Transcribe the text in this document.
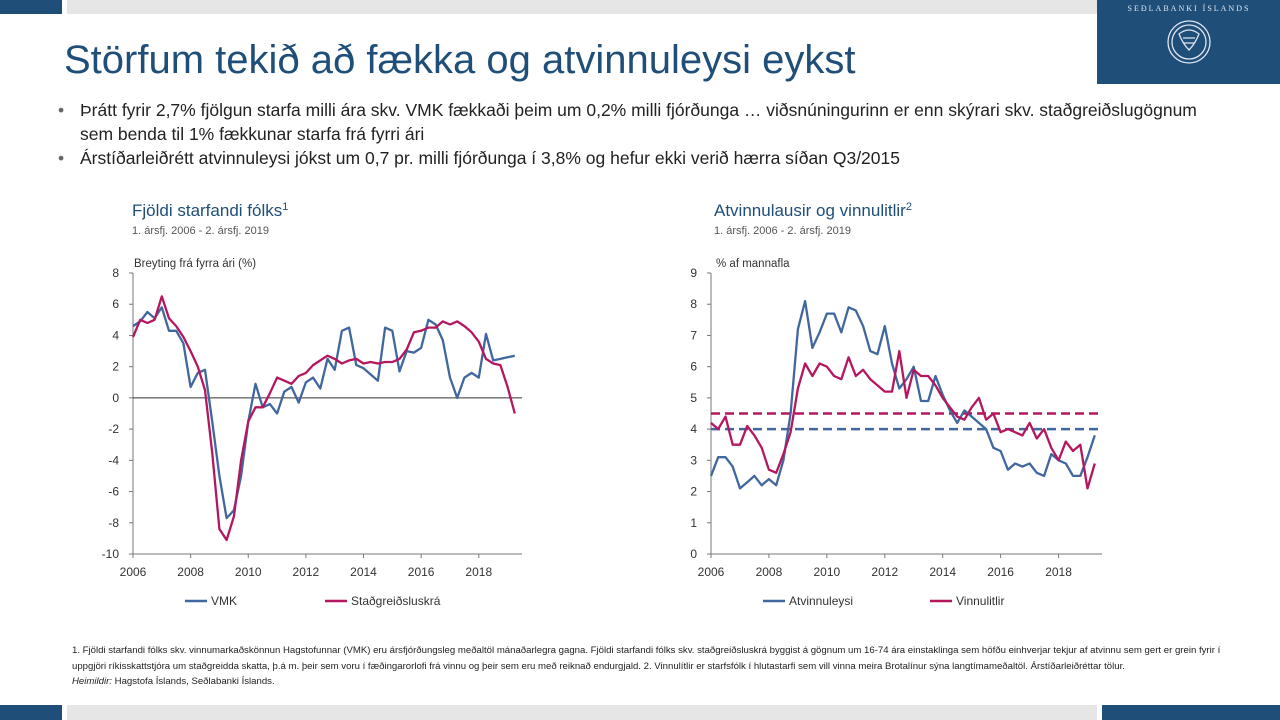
SEÐLABANKI ÍSLANDS
Störfum tekið að fækka og atvinnuleysi eykst
• Þrátt fyrir 2,7% fjölgun starfa milli ára skv. VMK fækkaði þeim um 0,2% milli fjórðunga … viðsnúningurinn er enn skýrari skv. staðgreiðslugögnum sem benda til 1% fækkunar starfa frá fyrri ári
• Árstíðarleiðrétt atvinnuleysi jókst um 0,7 pr. milli fjórðunga í 3,8% og hefur ekki verið hærra síðan Q3/2015
Fjöldi starfandi fólks$^1$
1. ársfj. 2006 - 2. ársfj. 2019
Breyting frá fyrra ári (%)
8
6
4
2
0
-2
-4
-6
-8
-10
2006	2008	2010	2012	2014	2016	2018
VMK	Staðgreiðsluskrá
Atvinnulausir og vinnulitlir$^2$
1. ársfj. 2006 - 2. ársfj. 2019
% af mannafla
9
8
7
6
5
4
3
2
1
0
2006	2008	2010	2012	2014	2016	2018
Atvinnuleysi	Vinnulitlir
1. Fjöldi starfandi fólks skv. vinnumarkaðskönnun Hagstofunnar (VMK) eru ársfjórðungsleg meðaltöl mánaðarlegra gagna. Fjöldi starfandi fólks skv. staðgreiðsluskrá byggist á gögnum um 16-74 ára einstaklinga sem höfðu einhverjar tekjur af atvinnu sem gert er grein fyrir í uppgjöri ríkisskattstjóra um staðgreidda skatta, þ.á m. þeir sem voru í fæðingarorlofi frá vinnu og þeir sem eru með reiknað endurgjald. 2. Vinnulítlir er starfsfólk í hlutastarfi sem vill vinna meira Brotalínur sýna langtímameðaltöl. Árstíðarleiðréttar tölur.
Heimildir: Hagstofa Íslands, Seðlabanki Íslands.
